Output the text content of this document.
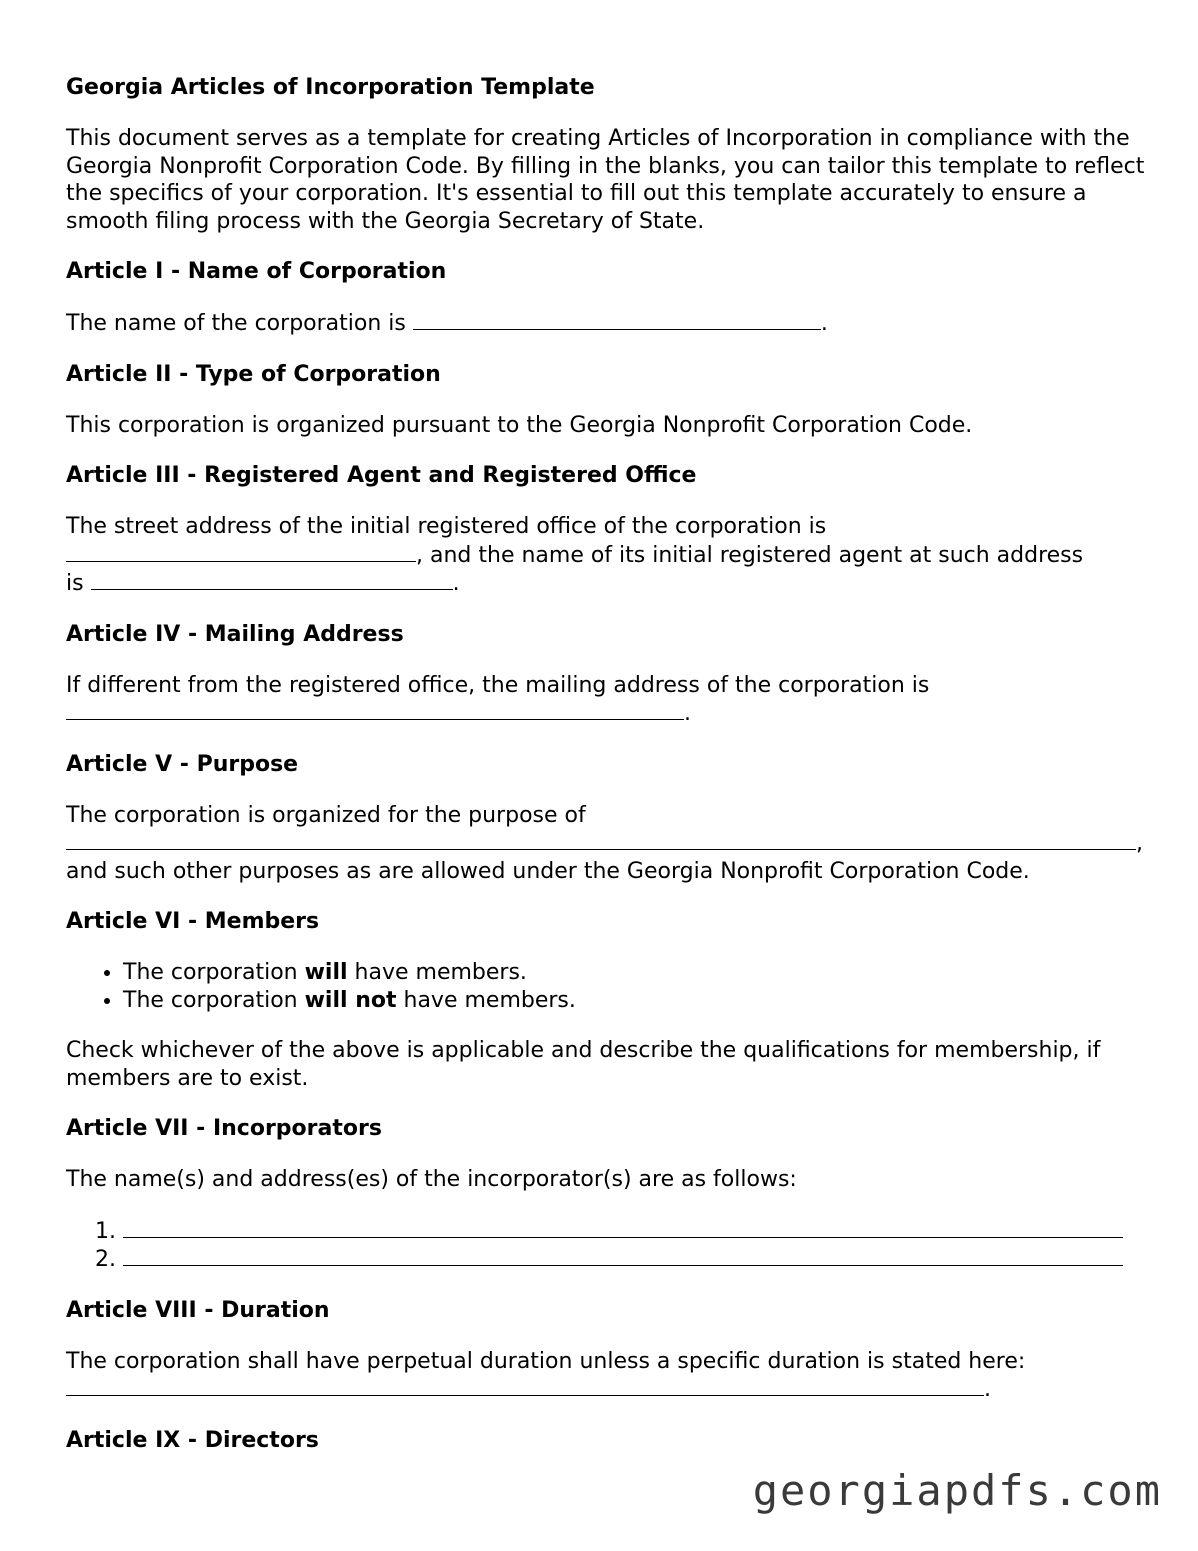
Georgia Articles of Incorporation Template

This document serves as a template for creating Articles of Incorporation in compliance with the Georgia Nonprofit Corporation Code. By filling in the blanks, you can tailor this template to reflect the specifics of your corporation. It's essential to fill out this template accurately to ensure a smooth filing process with the Georgia Secretary of State.

Article I - Name of Corporation

The name of the corporation is	.

Article II - Type of Corporation

This corporation is organized pursuant to the Georgia Nonprofit Corporation Code.

Article III - Registered Agent and Registered Office

The street address of the initial registered office of the corporation is
, and the name of its initial registered agent at such address
is	.

Article IV - Mailing Address

If different from the registered office, the mailing address of the corporation is
.

Article V - Purpose

The corporation is organized for the purpose of
,
and such other purposes as are allowed under the Georgia Nonprofit Corporation Code.

Article VI - Members
• The corporation will have members.
• The corporation will not have members.

Check whichever of the above is applicable and describe the qualifications for membership, if members are to exist.

Article VII - Incorporators

The name(s) and address(es) of the incorporator(s) are as follows:

1.
2.
Article VIII - Duration

The corporation shall have perpetual duration unless a specific duration is stated here:
.

Article IX - Directors
georgiapdfs.com
